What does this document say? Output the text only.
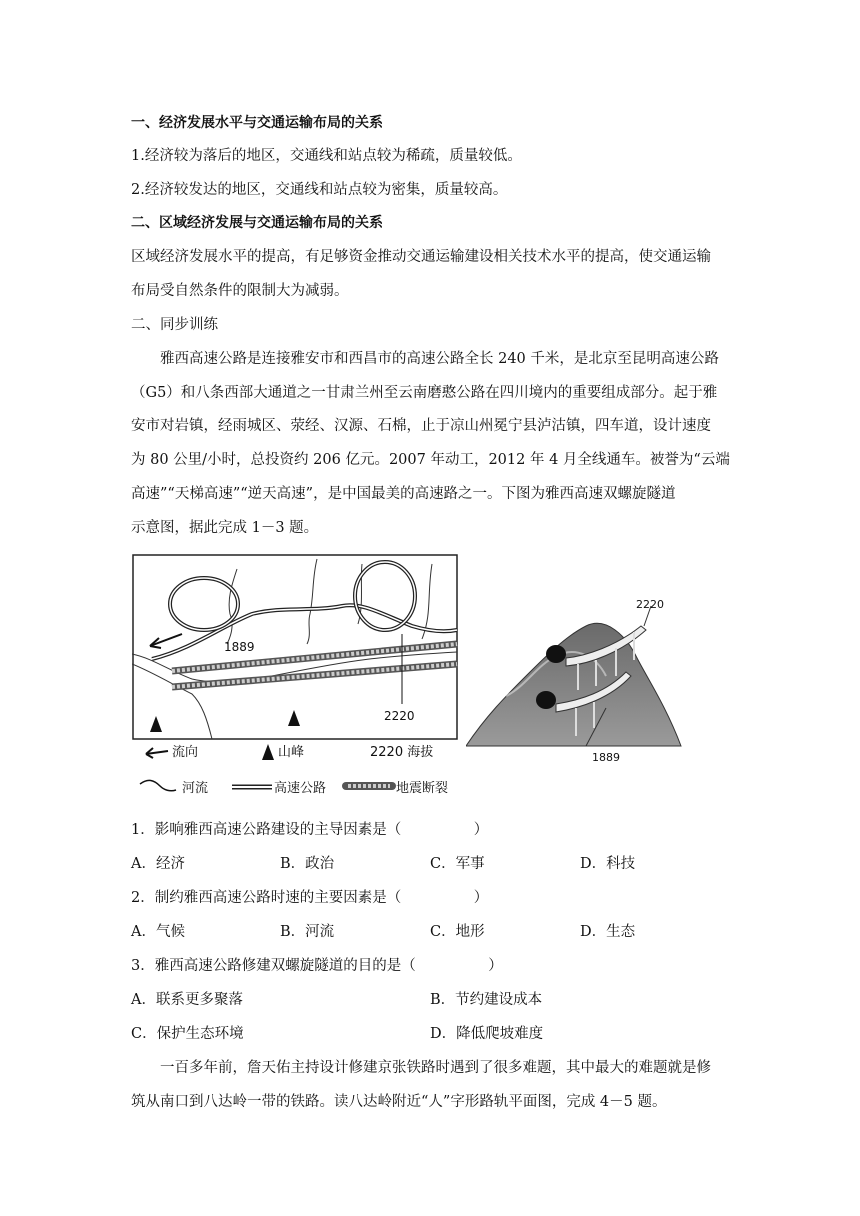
一、经济发展水平与交通运输布局的关系
1.经济较为落后的地区，交通线和站点较为稀疏，质量较低。
2.经济较发达的地区，交通线和站点较为密集，质量较高。
二、区域经济发展与交通运输布局的关系
区域经济发展水平的提高，有足够资金推动交通运输建设相关技术水平的提高，使交通运输
布局受自然条件的限制大为减弱。
二、同步训练
雅西高速公路是连接雅安市和西昌市的高速公路全长 240 千米，是北京至昆明高速公路
（G5）和八条西部大通道之一甘肃兰州至云南磨憨公路在四川境内的重要组成部分。起于雅
安市对岩镇，经雨城区、荥经、汉源、石棉，止于凉山州冕宁县泸沽镇，四车道，设计速度
为 80 公里/小时，总投资约 206 亿元。2007 年动工，2012 年 4 月全线通车。被誉为“云端
高速”“天梯高速”“逆天高速”，是中国最美的高速路之一。下图为雅西高速双螺旋隧道
示意图，据此完成 1－3 题。
1889
2220
流向	山峰	2220 海拔
河流	高速公路	地震断裂
2220
1889
1．影响雅西高速公路建设的主导因素是（　　　　　）
A．经济	B．政治	C．军事	D．科技
2．制约雅西高速公路时速的主要因素是（　　　　　）
A．气候	B．河流	C．地形	D．生态
3．雅西高速公路修建双螺旋隧道的目的是（　　　　　）
A．联系更多聚落	B．节约建设成本
C．保护生态环境	D．降低爬坡难度
一百多年前，詹天佑主持设计修建京张铁路时遇到了很多难题，其中最大的难题就是修
筑从南口到八达岭一带的铁路。读八达岭附近“人”字形路轨平面图，完成 4－5 题。
